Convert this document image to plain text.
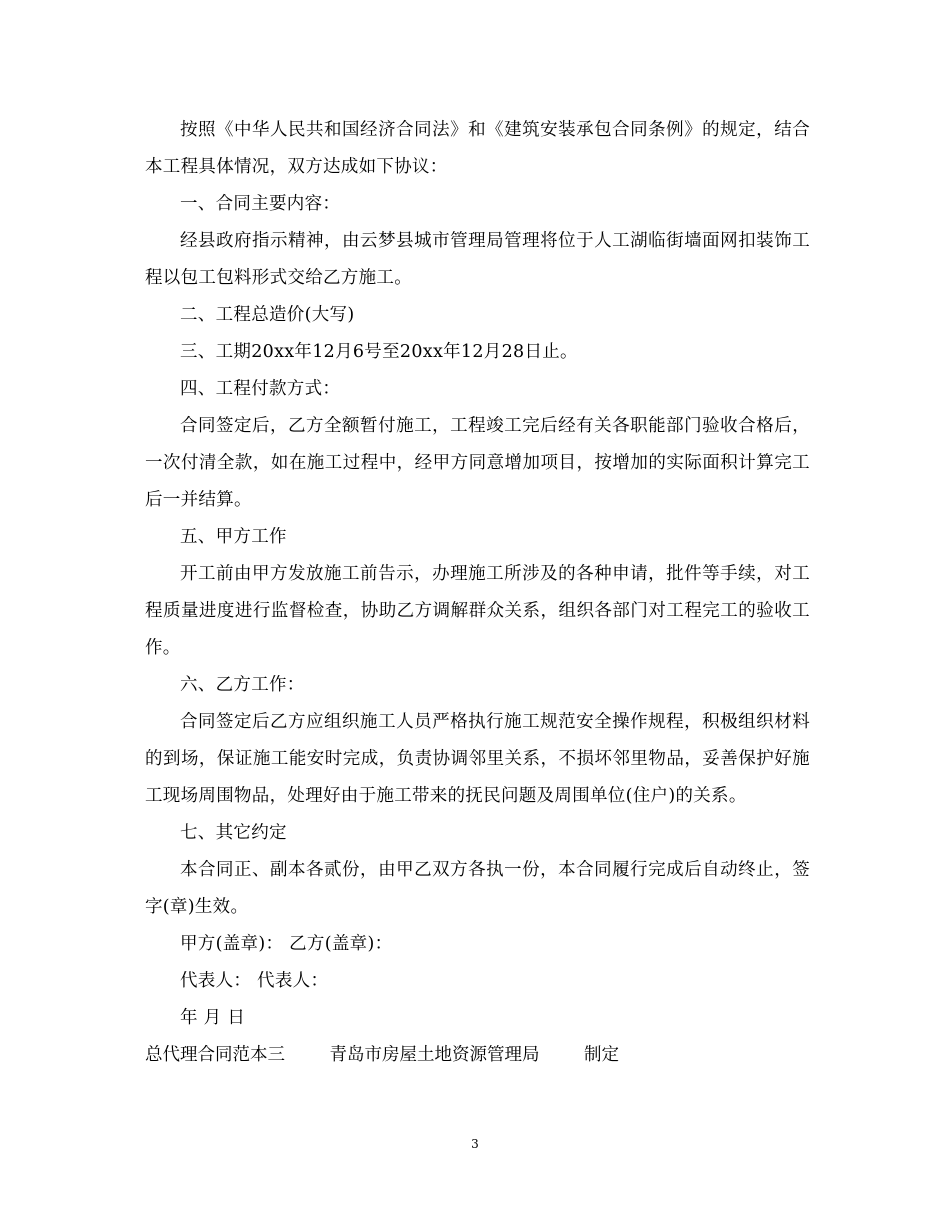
按照《中华人民共和国经济合同法》和《建筑安装承包合同条例》的规定，结合本工程具体情况，双方达成如下协议：

一、合同主要内容：

经县政府指示精神，由云梦县城市管理局管理将位于人工湖临街墙面网扣装饰工程以包工包料形式交给乙方施工。

二、工程总造价(大写)

三、工期20xx年12月6号至20xx年12月28日止。

四、工程付款方式：

合同签定后，乙方全额暂付施工，工程竣工完后经有关各职能部门验收合格后，一次付清全款，如在施工过程中，经甲方同意增加项目，按增加的实际面积计算完工后一并结算。

五、甲方工作

开工前由甲方发放施工前告示，办理施工所涉及的各种申请，批件等手续，对工程质量进度进行监督检查，协助乙方调解群众关系，组织各部门对工程完工的验收工作。

六、乙方工作：

合同签定后乙方应组织施工人员严格执行施工规范安全操作规程，积极组织材料的到场，保证施工能安时完成，负责协调邻里关系，不损坏邻里物品，妥善保护好施工现场周围物品，处理好由于施工带来的抚民问题及周围单位(住户)的关系。

七、其它约定

本合同正、副本各贰份，由甲乙双方各执一份，本合同履行完成后自动终止，签字(章)生效。

甲方(盖章)： 乙方(盖章)：

代表人： 代表人：

年 月 日

总代理合同范本三        青岛市房屋土地资源管理局        制定

3
